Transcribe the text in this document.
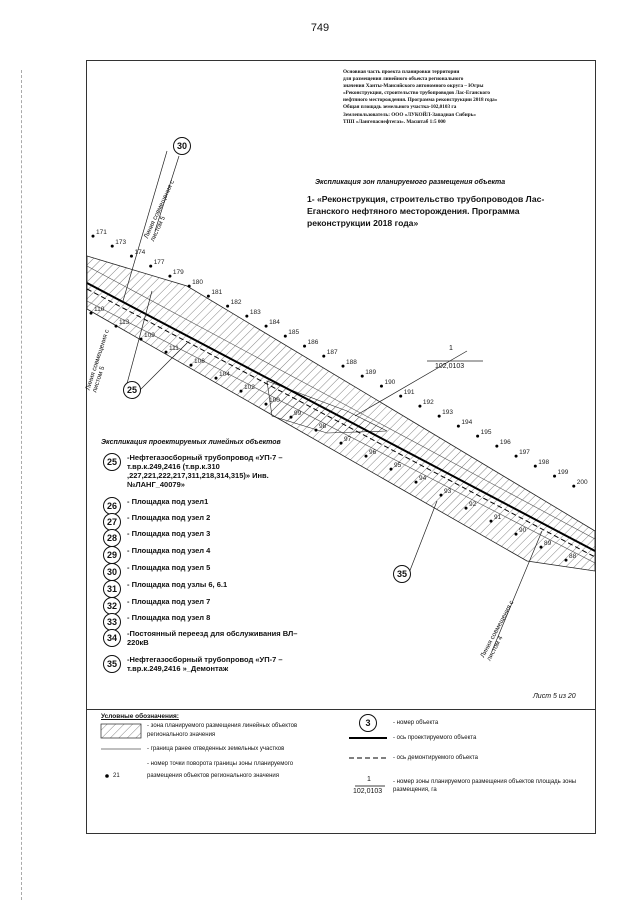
749
171
173
174
177
179
180
181
182
183
184
185
186
187
188
189
190
191
192
193
194
195
196
197
198
199
200
110
113
109
111
106
104
102
100
99
98
97
96
95
94
93
92
91
90
89
88
30
25
35
Линия совмещения с листом 5
Линия совмещения с листом 5
Линия совмещения с листом 4
1
102,0103
Основная часть проекта планировки территории
для размещения линейного объекта регионального
значения Ханты-Мансийского автономного округа – Югры
«Реконструкция, строительство трубопроводов Лас-Еганского
нефтяного месторождения. Программа реконструкции 2018 года»
Общая площадь земельного участка-102,0103 га
Землепользователь: ООО «ЛУКОЙЛ-Западная Сибирь»
ТПП «Лангепаснефтегаз». Масштаб 1:5 000
Экспликация зон планируемого размещения объекта
1- «Реконструкция, строительство трубопроводов Лас-Еганского нефтяного месторождения. Программа реконструкции 2018 года»
Экспликация проектируемых линейных объектов
25	-Нефтегазосборный трубопровод «УП-7 – т.вр.к.249,2416 (т.вр.к.310 ,227,221,222,217,311,218,314,315)» Инв. №ЛАНГ_40079»
26	- Площадка под узел1
27	- Площадка под узел 2
28	- Площадка под узел 3
29	- Площадка под узел 4
30	- Площадка под узел 5
31	- Площадка под узлы 6, 6.1
32	- Площадка под узел 7
33	- Площадка под узел 8
34	-Постоянный переезд для обслуживания ВЛ–220кВ
35	-Нефтегазосборный трубопровод «УП-7 – т.вр.к.249,2416 »_Демонтаж
Лист 5 из 20
Условные обозначения:
- зона планируемого размещения линейных объектов регионального значения
- граница ранее отведенных земельных участков
21
- номер точки поворота границы зоны планируемого размещения объектов регионального значения
3	- номер объекта
- ось проектируемого объекта
- ось демонтируемого объекта
1
102,0103
- номер зоны планируемого размещения объектов площадь зоны размещения, га
